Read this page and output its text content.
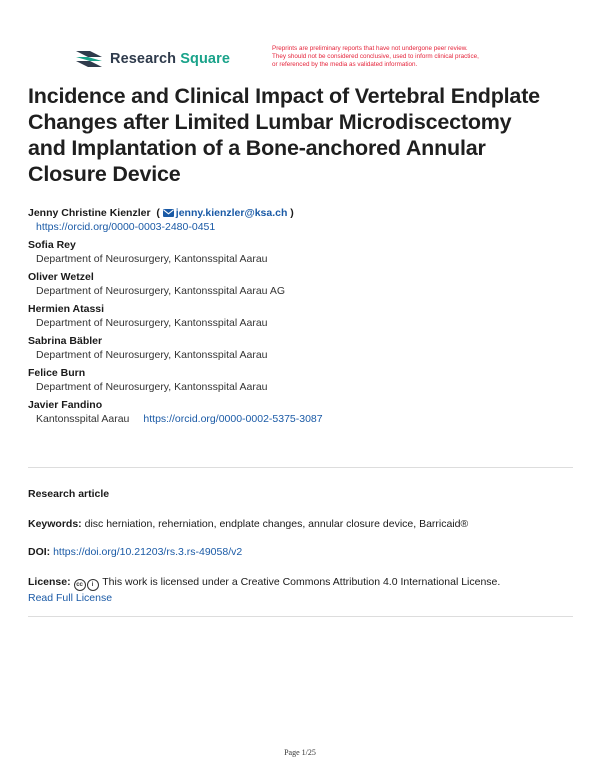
Research Square
Preprints are preliminary reports that have not undergone peer review.
They should not be considered conclusive, used to inform clinical practice,
or referenced by the media as validated information.
Incidence and Clinical Impact of Vertebral Endplate
Changes after Limited Lumbar Microdiscectomy
and Implantation of a Bone-anchored Annular
Closure Device
Jenny Christine Kienzler  ( jenny.kienzler@ksa.ch )
https://orcid.org/0000-0003-2480-0451
Sofia Rey
Department of Neurosurgery, Kantonsspital Aarau
Oliver Wetzel
Department of Neurosurgery, Kantonsspital Aarau AG
Hermien Atassi
Department of Neurosurgery, Kantonsspital Aarau
Sabrina Bäbler
Department of Neurosurgery, Kantonsspital Aarau
Felice Burn
Department of Neurosurgery, Kantonsspital Aarau
Javier Fandino
Kantonsspital Aarau https://orcid.org/0000-0002-5375-3087
Research article
Keywords: disc herniation, reherniation, endplate changes, annular closure device, Barricaid®
DOI: https://doi.org/10.21203/rs.3.rs-49058/v2
License: cc i This work is licensed under a Creative Commons Attribution 4.0 International License.
Read Full License
Page 1/25
